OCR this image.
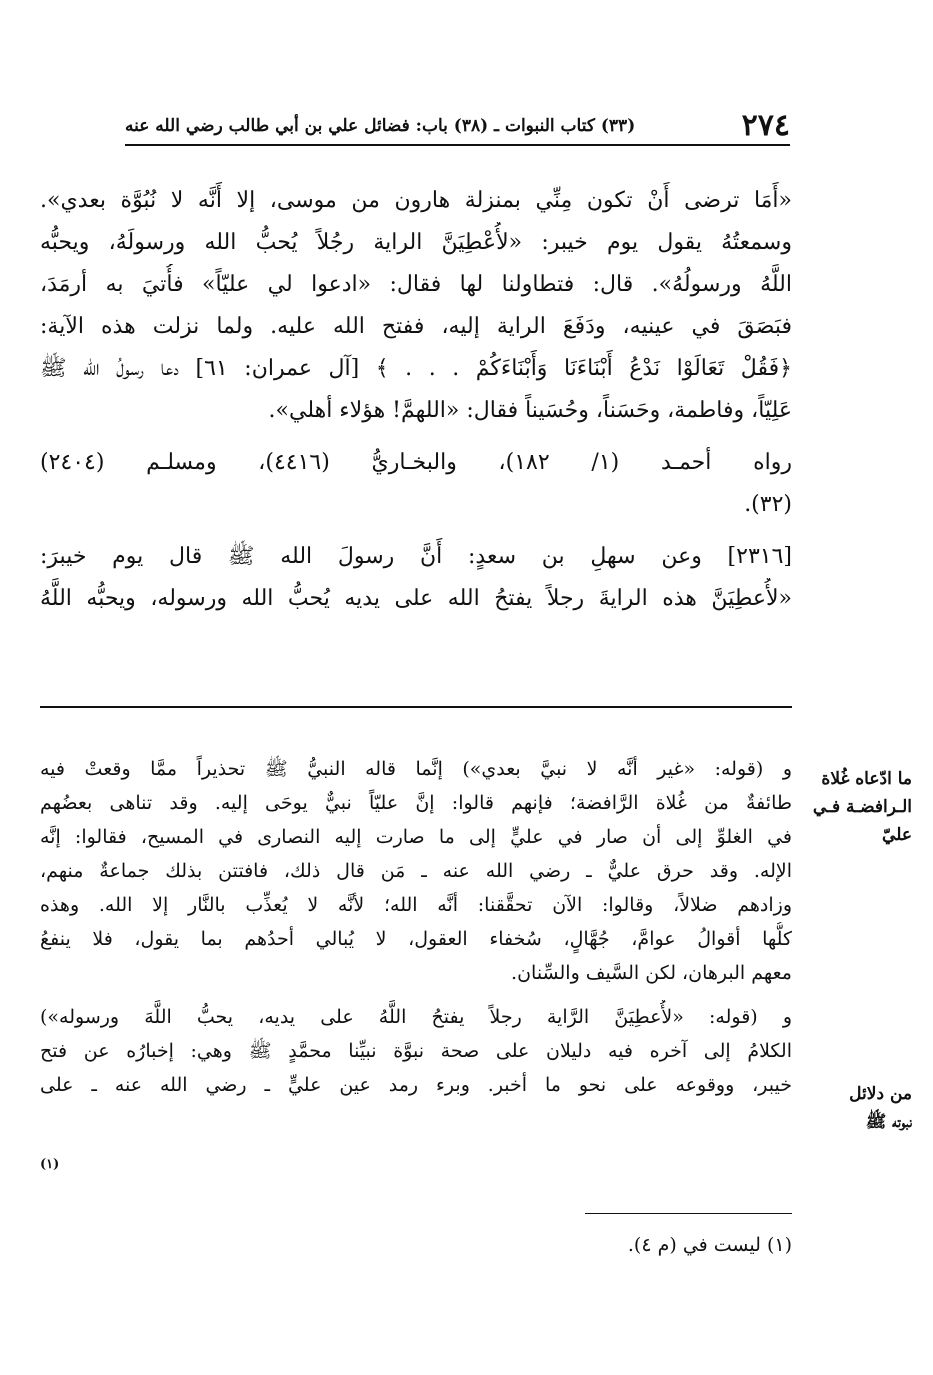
٢٧٤
(٣٣) كتاب النبوات ـ (٣٨) باب: فضائل علي بن أبي طالب رضي الله عنه
«أَمَا ترضى أَنْ تكون مِنِّي بمنزلة هارون من موسى، إلا أَنَّه لا نُبُوَّة بعدي».
وسمعتُهُ يقول يوم خيبر: «لأُعْطِيَنَّ الراية رجُلاً يُحبُّ الله ورسولَهُ، ويحبُّه
اللَّهُ ورسولُهُ». قال: فتطاولنا لها فقال: «ادعوا لي عليّاً» فأُتيَ به أرمَدَ،
فبَصَقَ في عينيه، ودَفَعَ الراية إليه، ففتح الله عليه. ولما نزلت هذه الآية:
﴿فَقُلْ تَعَالَوْا نَدْعُ أَبْنَاءَنَا وَأَبْنَاءَكُمْ . . . ﴾ [آل عمران: ٦١] دعا رسولُ الله ﷺ
عَلِيّاً، وفاطمة، وحَسَناً، وحُسَيناً فقال: «اللهمَّ! هؤلاء أهلي».
رواه أحمـد (١/ ١٨٢)، والبخـاريُّ (٤٤١٦)، ومسلـم (٢٤٠٤)
(٣٢).
[٢٣١٦] وعن سهلِ بن سعدٍ: أَنَّ رسولَ الله ﷺ قال يوم خيبرَ:
«لأُعطِيَنَّ هذه الرايةَ رجلاً يفتحُ الله على يديه يُحبُّ الله ورسوله، ويحبُّه اللَّهُ
و (قوله: «غير أنَّه لا نبيَّ بعدي») إنَّما قاله النبيُّ ﷺ تحذيراً ممَّا وقعتْ فيه
طائفةٌ من غُلاة الرَّافضة؛ فإنهم قالوا: إنَّ عليّاً نبيٌّ يوحَى إليه. وقد تناهى بعضُهم
في الغلوِّ إلى أن صار في عليٍّ إلى ما صارت إليه النصارى في المسيح، فقالوا: إنَّه
الإله. وقد حرق عليٌّ ـ رضي الله عنه ـ مَن قال ذلك، فافتتن بذلك جماعةٌ منهم،
وزادهم ضلالاً، وقالوا: الآن تحقَّقنا: أنَّه الله؛ لأنَّه لا يُعذِّب بالنَّار إلا الله. وهذه
كلُّها أقوالُ عوامَّ، جُهَّالٍ، سُخفاء العقول، لا يُبالي أحدُهم بما يقول، فلا ينفعُ
معهم البرهان، لكن السَّيف والسِّنان.
و (قوله: «لأُعطِيَنَّ الرَّاية رجلاً يفتحُ اللَّهُ على يديه، يحبُّ اللَّهَ ورسوله»)
الكلامُ إلى آخره فيه دليلان على صحة نبوَّة نبيِّنا محمَّدٍ ﷺ وهي: إخبارُه عن فتح
خيبر، ووقوعه على نحو ما أخبر. وبرء رمد عين عليٍّ ـ رضي الله عنه ـ على
(١)
ما ادّعاه غُلاة
الـرافضـة فـي
عليّ
من دلائل
نبوته ﷺ
(١) ليست في (م ٤).
